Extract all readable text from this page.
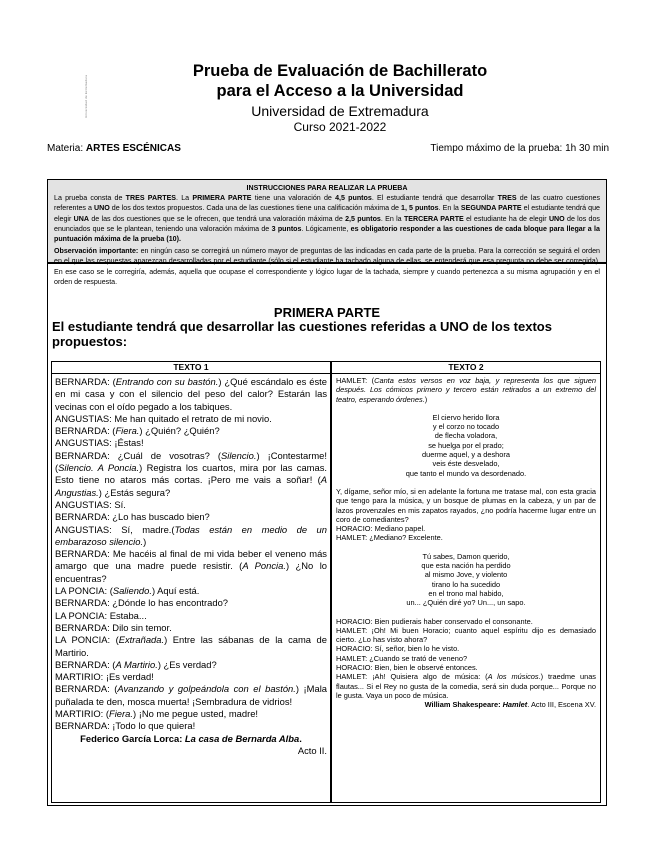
Universidad de Extremadura
Prueba de Evaluación de Bachillerato
para el Acceso a la Universidad
Universidad de Extremadura
Curso 2021-2022
Materia: ARTES ESCÉNICAS	Tiempo máximo de la prueba: 1h 30 min

INSTRUCCIONES PARA REALIZAR LA PRUEBA

La prueba consta de TRES PARTES. La PRIMERA PARTE tiene una valoración de 4,5 puntos. El estudiante tendrá que desarrollar TRES de las cuatro cuestiones referentes a UNO de los dos textos propuestos. Cada una de las cuestiones tiene una calificación máxima de 1, 5 puntos. En la SEGUNDA PARTE el estudiante tendrá que elegir UNA de las dos cuestiones que se le ofrecen, que tendrá una valoración máxima de 2,5 puntos. En la TERCERA PARTE el estudiante ha de elegir UNO de los dos enunciados que se le plantean, teniendo una valoración máxima de 3 puntos. Lógicamente, es obligatorio responder a las cuestiones de cada bloque para llegar a la puntuación máxima de la prueba (10).

Observación importante: en ningún caso se corregirá un número mayor de preguntas de las indicadas en cada parte de la prueba. Para la corrección se seguirá el orden en el que las respuestas aparezcan desarrolladas por el estudiante (sólo si el estudiante ha tachado alguna de ellas, se entenderá que esa pregunta no debe ser corregida). En ese caso se le corregiría, además, aquella que ocupase el correspondiente y lógico lugar de la tachada, siempre y cuando pertenezca a su misma agrupación y en el orden de respuesta.

PRIMERA PARTE
El estudiante tendrá que desarrollar las cuestiones referidas a UNO de los textos propuestos:
TEXTO 1
BERNARDA: (Entrando con su bastón.) ¿Qué escándalo es éste en mi casa y con el silencio del peso del calor? Estarán las vecinas con el oído pegado a los tabiques.
ANGUSTIAS: Me han quitado el retrato de mi novio.
BERNARDA: (Fiera.) ¿Quién? ¿Quién?
ANGUSTIAS: ¡Éstas!
BERNARDA: ¿Cuál de vosotras? (Silencio.) ¡Contestarme! (Silencio. A Poncia.) Registra los cuartos, mira por las camas. Esto tiene no ataros más cortas. ¡Pero me vais a soñar! (A Angustias.) ¿Estás segura?
ANGUSTIAS: Sí.
BERNARDA: ¿Lo has buscado bien?
ANGUSTIAS: Sí, madre.(Todas están en medio de un embarazoso silencio.)
BERNARDA: Me hacéis al final de mi vida beber el veneno más amargo que una madre puede resistir. (A Poncia.) ¿No lo encuentras?
LA PONCIA: (Saliendo.) Aquí está.
BERNARDA: ¿Dónde lo has encontrado?
LA PONCIA: Estaba...
BERNARDA: Dilo sin temor.
LA PONCIA: (Extrañada.) Entre las sábanas de la cama de Martirio.
BERNARDA: (A Martirio.) ¿Es verdad?
MARTIRIO: ¡Es verdad!
BERNARDA: (Avanzando y golpeándola con el bastón.) ¡Mala puñalada te den, mosca muerta! ¡Sembradura de vidrios!
MARTIRIO: (Fiera.) ¡No me pegue usted, madre!
BERNARDA: ¡Todo lo que quiera!
Federico García Lorca: La casa de Bernarda Alba.
Acto II.
TEXTO 2

HAMLET: (Canta estos versos en voz baja, y representa los que siguen después. Los cómicos primero y tercero están retirados a un extremo del teatro, esperando órdenes.)

El ciervo herido llora
y el corzo no tocado
de flecha voladora,
se huelga por el prado;
duerme aquel, y a deshora
veis éste desvelado,
que tanto el mundo va desordenado.

Y, dígame, señor mío, si en adelante la fortuna me tratase mal, con esta gracia que tengo para la música, y un bosque de plumas en la cabeza, y un par de lazos provenzales en mis zapatos rayados, ¿no podría hacerme lugar entre un coro de comediantes?

HORACIO: Mediano papel.

HAMLET: ¿Mediano? Excelente.

Tú sabes, Damon querido,
que esta nación ha perdido
al mismo Jove, y violento
tirano lo ha sucedido
en el trono mal habido,
un... ¿Quién diré yo? Un..., un sapo.

HORACIO: Bien pudierais haber conservado el consonante.

HAMLET: ¡Oh! Mi buen Horacio; cuanto aquel espíritu dijo es demasiado cierto. ¿Lo has visto ahora?

HORACIO: Sí, señor, bien lo he visto.

HAMLET: ¿Cuando se trató de veneno?

HORACIO: Bien, bien le observé entonces.

HAMLET: ¡Ah! Quisiera algo de música: (A los músicos.) traedme unas flautas... Si el Rey no gusta de la comedia, será sin duda porque... Porque no le gusta. Vaya un poco de música.

William Shakespeare: Hamlet. Acto III, Escena XV.
